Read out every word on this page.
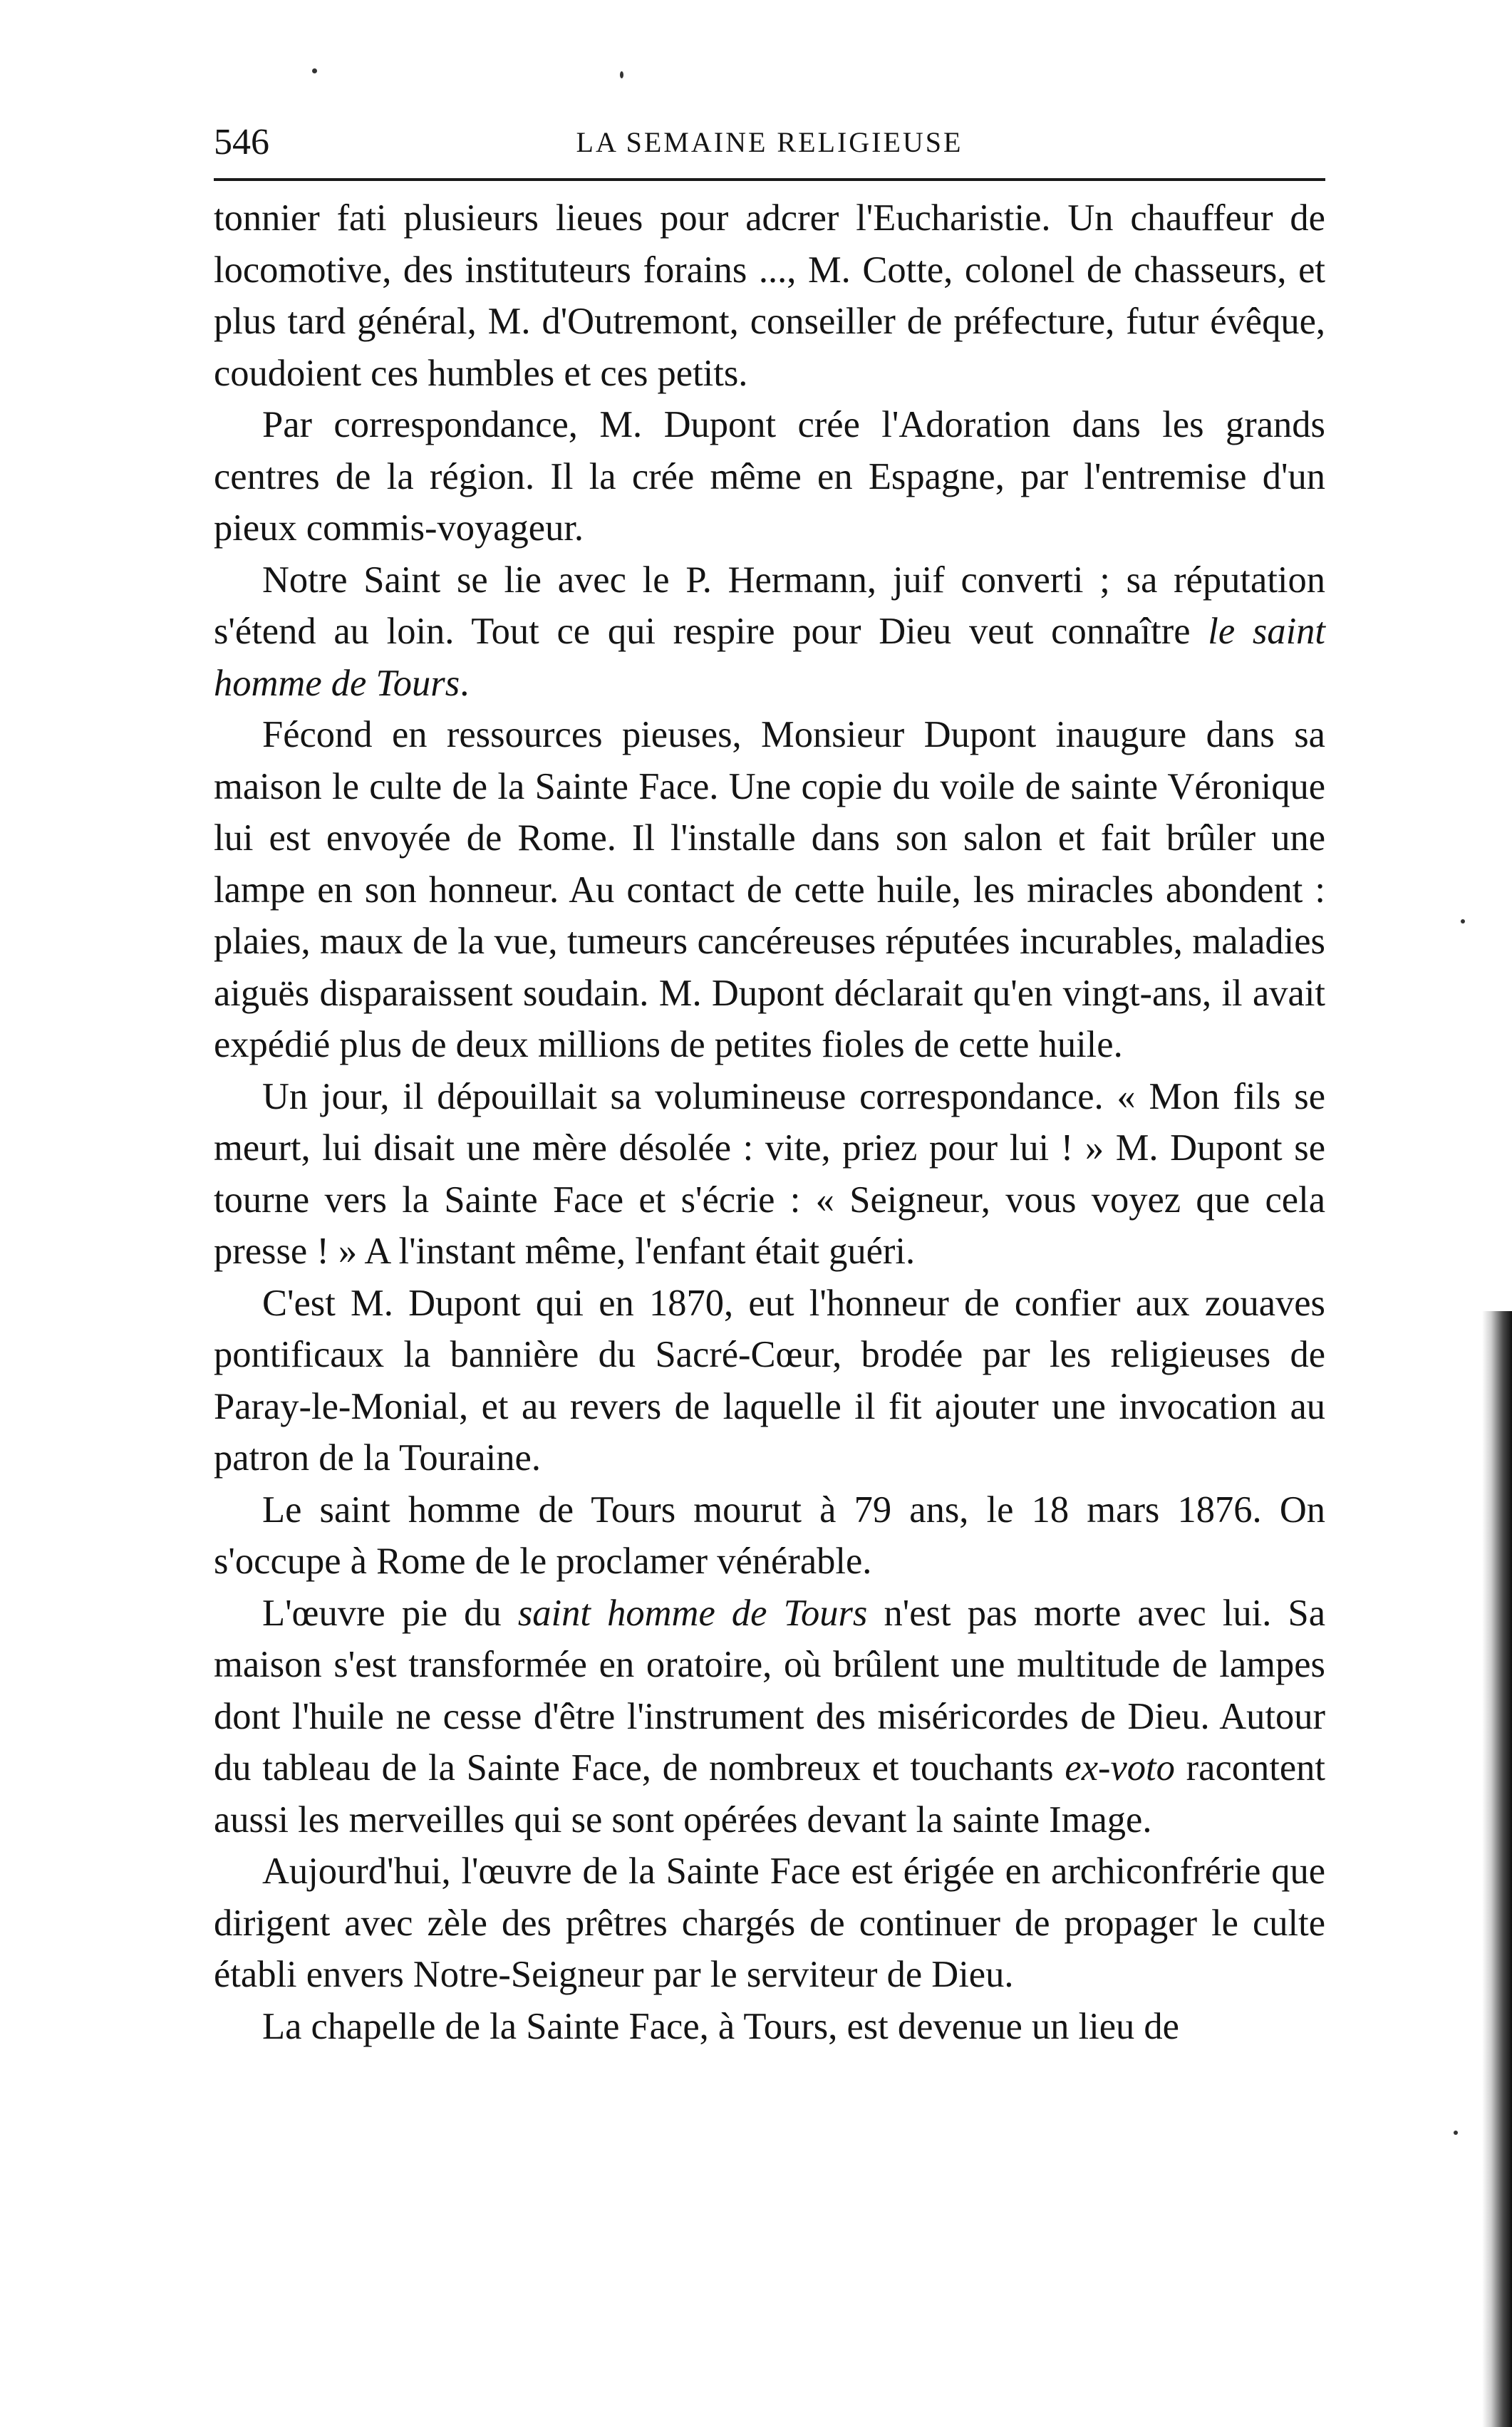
546	LA SEMAINE RELIGIEUSE

tonnier fati plusieurs lieues pour adcrer l'Eucharistie. Un chauffeur de locomotive, des instituteurs forains ..., M. Cotte, colonel de chasseurs, et plus tard général, M. d'Outremont, conseiller de préfecture, futur évêque, coudoient ces humbles et ces petits.

Par correspondance, M. Dupont crée l'Adoration dans les grands centres de la région. Il la crée même en Espagne, par l'entremise d'un pieux commis-voyageur.

Notre Saint se lie avec le P. Hermann, juif converti ; sa réputation s'étend au loin. Tout ce qui respire pour Dieu veut connaître le saint homme de Tours.

Fécond en ressources pieuses, Monsieur Dupont inaugure dans sa maison le culte de la Sainte Face. Une copie du voile de sainte Véronique lui est envoyée de Rome. Il l'installe dans son salon et fait brûler une lampe en son honneur. Au contact de cette huile, les miracles abondent : plaies, maux de la vue, tumeurs cancéreuses réputées incurables, maladies aiguës disparaissent soudain. M. Dupont déclarait qu'en vingt-ans, il avait expédié plus de deux millions de petites fioles de cette huile.

Un jour, il dépouillait sa volumineuse correspondance. « Mon fils se meurt, lui disait une mère désolée : vite, priez pour lui ! » M. Dupont se tourne vers la Sainte Face et s'écrie : « Seigneur, vous voyez que cela presse ! » A l'instant même, l'enfant était guéri.

C'est M. Dupont qui en 1870, eut l'honneur de confier aux zouaves pontificaux la bannière du Sacré-Cœur, brodée par les religieuses de Paray-le-Monial, et au revers de laquelle il fit ajouter une invocation au patron de la Touraine.

Le saint homme de Tours mourut à 79 ans, le 18 mars 1876. On s'occupe à Rome de le proclamer vénérable.

L'œuvre pie du saint homme de Tours n'est pas morte avec lui. Sa maison s'est transformée en oratoire, où brûlent une multitude de lampes dont l'huile ne cesse d'être l'instrument des miséricordes de Dieu. Autour du tableau de la Sainte Face, de nombreux et touchants ex-voto racontent aussi les merveilles qui se sont opérées devant la sainte Image.

Aujourd'hui, l'œuvre de la Sainte Face est érigée en archiconfrérie que dirigent avec zèle des prêtres chargés de continuer de propager le culte établi envers Notre-Seigneur par le serviteur de Dieu.

La chapelle de la Sainte Face, à Tours, est devenue un lieu de
